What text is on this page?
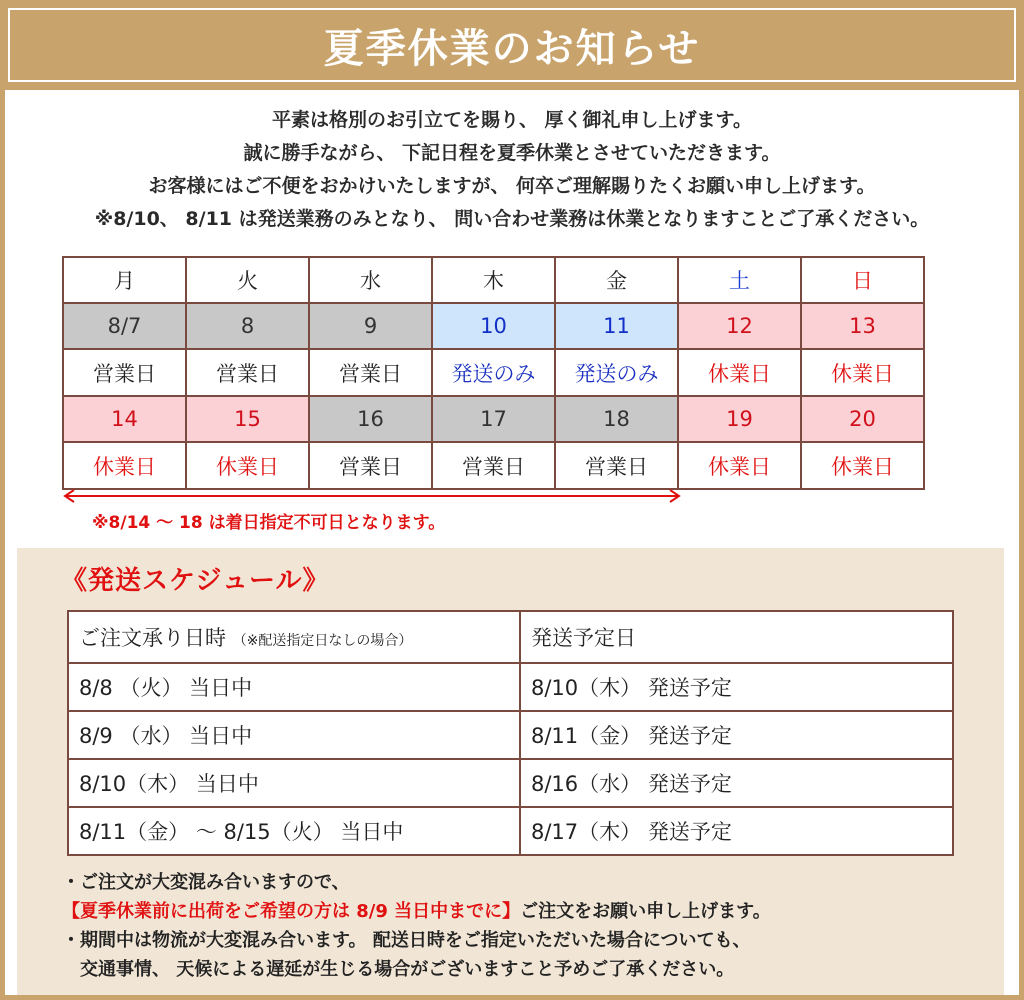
夏季休業のお知らせ
平素は格別のお引立てを賜り、 厚く御礼申し上げます。
誠に勝手ながら、 下記日程を夏季休業とさせていただきます。
お客様にはご不便をおかけいたしますが、 何卒ご理解賜りたくお願い申し上げます。
※8/10、 8/11 は発送業務のみとなり、 問い合わせ業務は休業となりますことご了承ください。
月	火	水	木	金	土	日
8/7	8	9	10	11	12	13
営業日	営業日	営業日	発送のみ	発送のみ	休業日	休業日
14	15	16	17	18	19	20
休業日	休業日	営業日	営業日	営業日	休業日	休業日
※8/14 ～ 18 は着日指定不可日となります。
《発送スケジュール》
ご注文承り日時 （※配送指定日なしの場合）	発送予定日
8/8 （火） 当日中	8/10（木） 発送予定
8/9 （水） 当日中	8/11（金） 発送予定
8/10（木） 当日中	8/16（水） 発送予定
8/11（金） ～ 8/15（火） 当日中	8/17（木） 発送予定
・ご注文が大変混み合いますので、
【夏季休業前に出荷をご希望の方は 8/9 当日中までに】ご注文をお願い申し上げます。
・期間中は物流が大変混み合います。 配送日時をご指定いただいた場合についても、
交通事情、 天候による遅延が生じる場合がございますこと予めご了承ください。
